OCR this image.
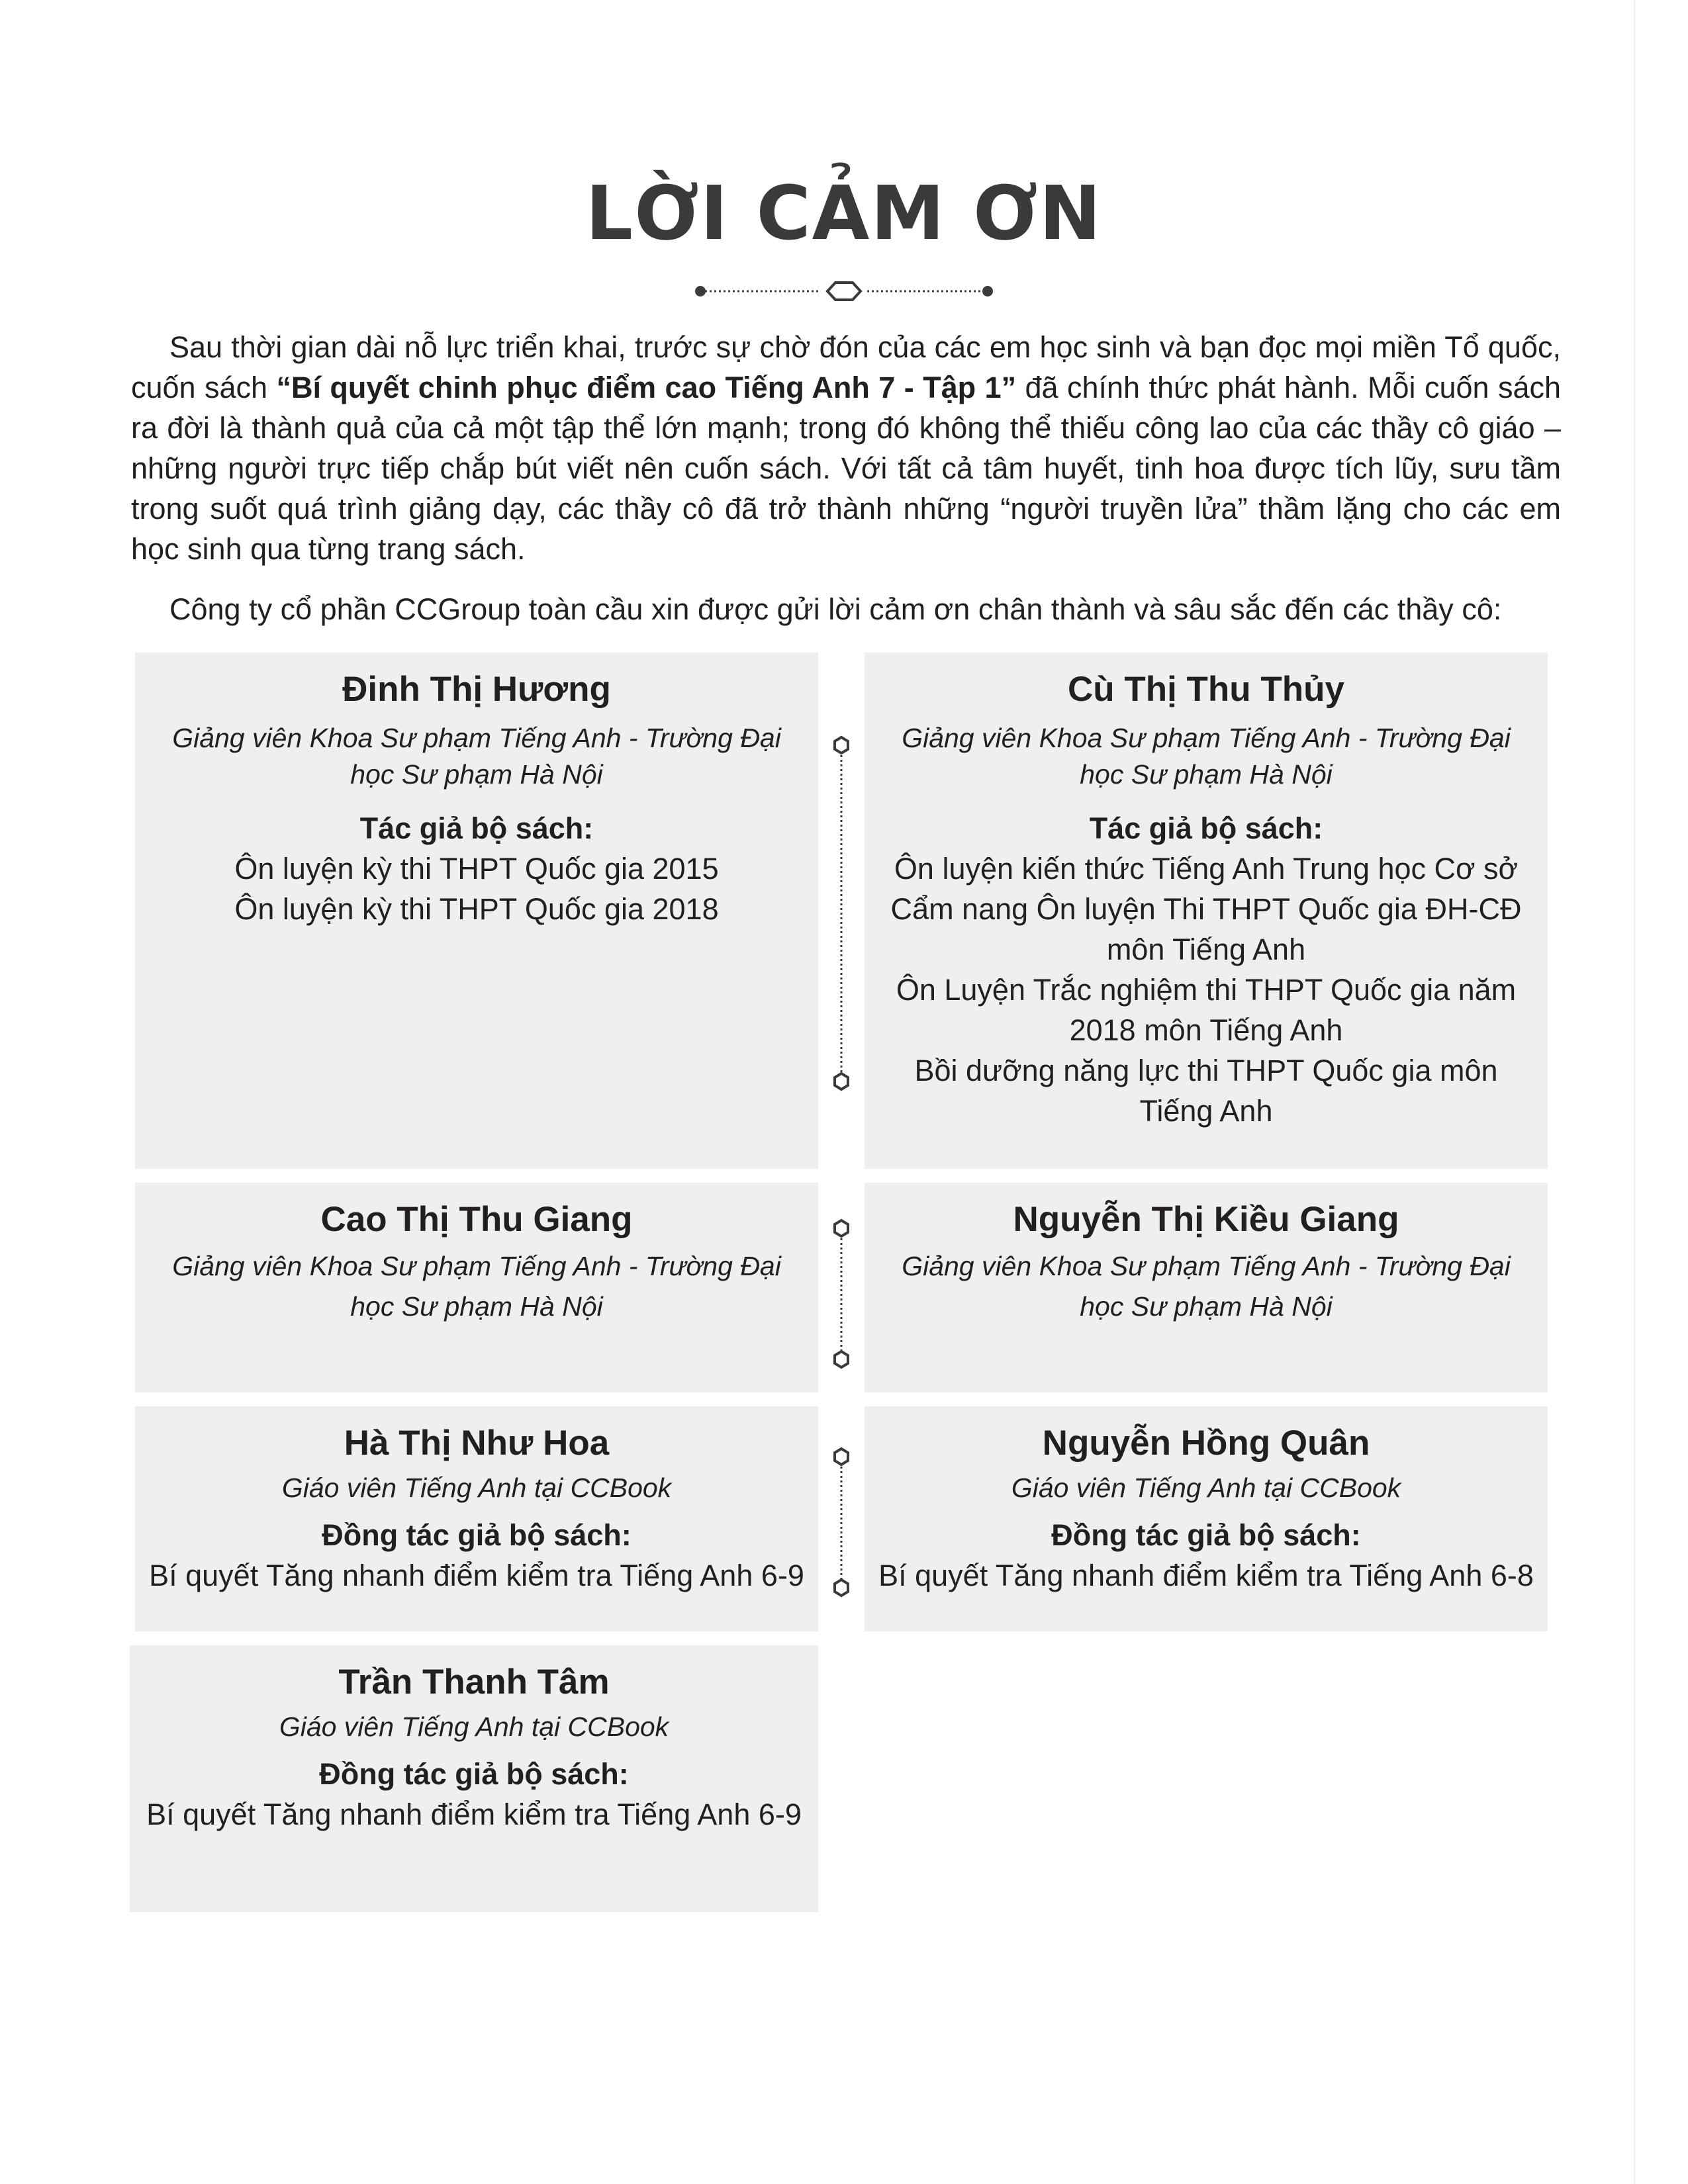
LỜI CẢM ƠN

Sau thời gian dài nỗ lực triển khai, trước sự chờ đón của các em học sinh và bạn đọc mọi miền Tổ quốc, cuốn sách “Bí quyết chinh phục điểm cao Tiếng Anh 7 - Tập 1” đã chính thức phát hành. Mỗi cuốn sách ra đời là thành quả của cả một tập thể lớn mạnh; trong đó không thể thiếu công lao của các thầy cô giáo – những người trực tiếp chắp bút viết nên cuốn sách. Với tất cả tâm huyết, tinh hoa được tích lũy, sưu tầm trong suốt quá trình giảng dạy, các thầy cô đã trở thành những “người truyền lửa” thầm lặng cho các em học sinh qua từng trang sách.

Công ty cổ phần CCGroup toàn cầu xin được gửi lời cảm ơn chân thành và sâu sắc đến các thầy cô:

Đinh Thị Hương
Giảng viên Khoa Sư phạm Tiếng Anh - Trường Đại học Sư phạm Hà Nội
Tác giả bộ sách:
Ôn luyện kỳ thi THPT Quốc gia 2015
Ôn luyện kỳ thi THPT Quốc gia 2018
Cù Thị Thu Thủy
Giảng viên Khoa Sư phạm Tiếng Anh - Trường Đại học Sư phạm Hà Nội
Tác giả bộ sách:
Ôn luyện kiến thức Tiếng Anh Trung học Cơ sở
Cẩm nang Ôn luyện Thi THPT Quốc gia ĐH-CĐ môn Tiếng Anh
Ôn Luyện Trắc nghiệm thi THPT Quốc gia năm 2018 môn Tiếng Anh
Bồi dưỡng năng lực thi THPT Quốc gia môn Tiếng Anh
Cao Thị Thu Giang
Giảng viên Khoa Sư phạm Tiếng Anh - Trường Đại học Sư phạm Hà Nội
Nguyễn Thị Kiều Giang
Giảng viên Khoa Sư phạm Tiếng Anh - Trường Đại học Sư phạm Hà Nội
Hà Thị Như Hoa
Giáo viên Tiếng Anh tại CCBook
Đồng tác giả bộ sách:
Bí quyết Tăng nhanh điểm kiểm tra Tiếng Anh 6-9
Nguyễn Hồng Quân
Giáo viên Tiếng Anh tại CCBook
Đồng tác giả bộ sách:
Bí quyết Tăng nhanh điểm kiểm tra Tiếng Anh 6-8
Trần Thanh Tâm
Giáo viên Tiếng Anh tại CCBook
Đồng tác giả bộ sách:
Bí quyết Tăng nhanh điểm kiểm tra Tiếng Anh 6-9
